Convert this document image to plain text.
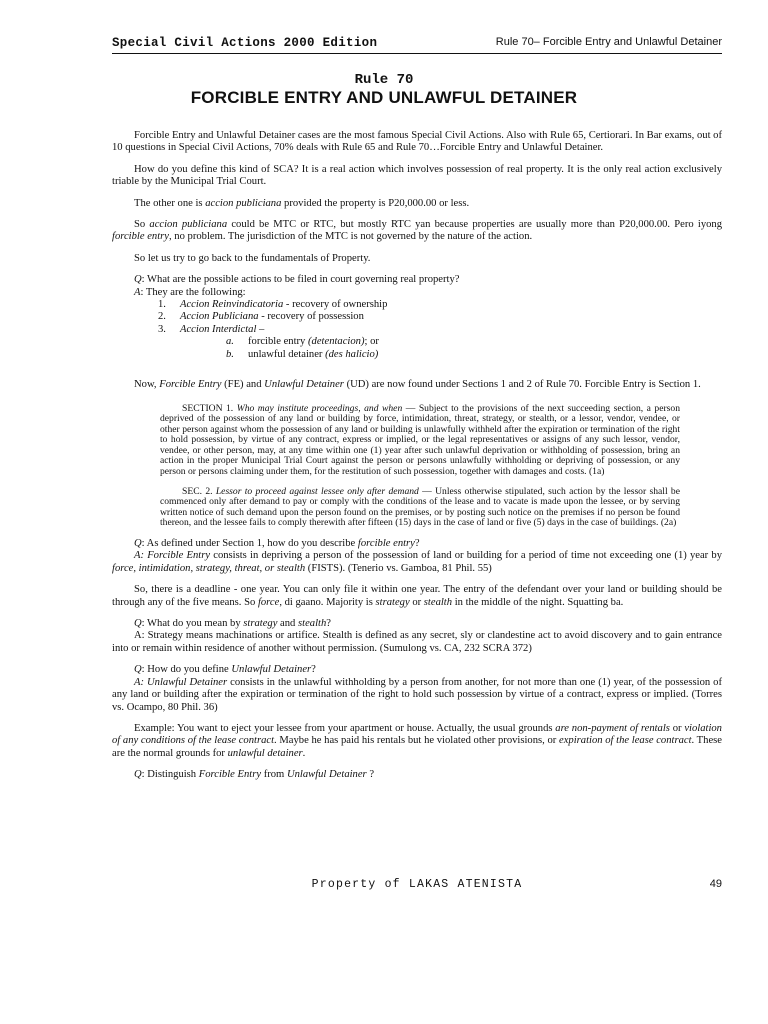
Special Civil Actions 2000 Edition	Rule 70– Forcible Entry and Unlawful Detainer
Rule 70
FORCIBLE ENTRY AND UNLAWFUL DETAINER

Forcible Entry and Unlawful Detainer cases are the most famous Special Civil Actions. Also with Rule 65, Certiorari. In Bar exams, out of 10 questions in Special Civil Actions, 70% deals with Rule 65 and Rule 70…Forcible Entry and Unlawful Detainer.

How do you define this kind of SCA? It is a real action which involves possession of real property. It is the only real action exclusively triable by the Municipal Trial Court.

The other one is accion publiciana provided the property is P20,000.00 or less.

So accion publiciana could be MTC or RTC, but mostly RTC yan because properties are usually more than P20,000.00. Pero iyong forcible entry, no problem. The jurisdiction of the MTC is not governed by the nature of the action.

So let us try to go back to the fundamentals of Property.

Q: What are the possible actions to be filed in court governing real property?

A: They are the following:

1. Accion Reinvindicatoria - recovery of ownership
2. Accion Publiciana - recovery of possession
3. Accion Interdictal –
a. forcible entry (detentacion); or
b. unlawful detainer (des halicio)

Now, Forcible Entry (FE) and Unlawful Detainer (UD) are now found under Sections 1 and 2 of Rule 70. Forcible Entry is Section 1.

SECTION 1. Who may institute proceedings, and when — Subject to the provisions of the next succeeding section, a person deprived of the possession of any land or building by force, intimidation, threat, strategy, or stealth, or a lessor, vendor, vendee, or other person against whom the possession of any land or building is unlawfully withheld after the expiration or termination of the right to hold possession, by virtue of any contract, express or implied, or the legal representatives or assigns of any such lessor, vendor, vendee, or other person, may, at any time within one (1) year after such unlawful deprivation or withholding of possession, bring an action in the proper Municipal Trial Court against the person or persons unlawfully withholding or depriving of possession, or any person or persons claiming under them, for the restitution of such possession, together with damages and costs. (1a)

SEC. 2. Lessor to proceed against lessee only after demand — Unless otherwise stipulated, such action by the lessor shall be commenced only after demand to pay or comply with the conditions of the lease and to vacate is made upon the lessee, or by serving written notice of such demand upon the person found on the premises, or by posting such notice on the premises if no person be found thereon, and the lessee fails to comply therewith after fifteen (15) days in the case of land or five (5) days in the case of buildings. (2a)

Q: As defined under Section 1, how do you describe forcible entry?

A: Forcible Entry consists in depriving a person of the possession of land or building for a period of time not exceeding one (1) year by force, intimidation, strategy, threat, or stealth (FISTS). (Tenerio vs. Gamboa, 81 Phil. 55)

So, there is a deadline - one year. You can only file it within one year. The entry of the defendant over your land or building should be through any of the five means. So force, di gaano. Majority is strategy or stealth in the middle of the night. Squatting ba.

Q: What do you mean by strategy and stealth?

A: Strategy means machinations or artifice. Stealth is defined as any secret, sly or clandestine act to avoid discovery and to gain entrance into or remain within residence of another without permission. (Sumulong vs. CA, 232 SCRA 372)

Q: How do you define Unlawful Detainer?

A: Unlawful Detainer consists in the unlawful withholding by a person from another, for not more than one (1) year, of the possession of any land or building after the expiration or termination of the right to hold such possession by virtue of a contract, express or implied. (Torres vs. Ocampo, 80 Phil. 36)

Example: You want to eject your lessee from your apartment or house. Actually, the usual grounds are non-payment of rentals or violation of any conditions of the lease contract. Maybe he has paid his rentals but he violated other provisions, or expiration of the lease contract. These are the normal grounds for unlawful detainer.

Q: Distinguish Forcible Entry from Unlawful Detainer ?

Property of LAKAS ATENISTA	49
